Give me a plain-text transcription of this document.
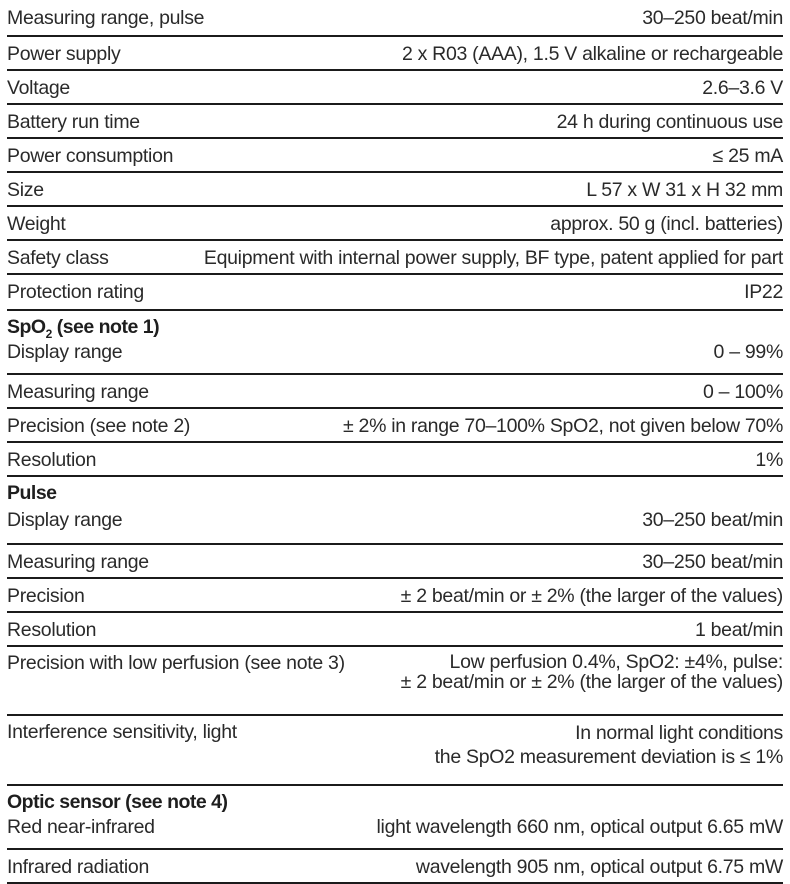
Measuring range, pulse	30–250 beat/min
Power supply	2 x R03 (AAA), 1.5 V alkaline or rechargeable
Voltage	2.6–3.6 V
Battery run time	24 h during continuous use
Power consumption	≤ 25 mA
Size	L 57 x W 31 x H 32 mm
Weight	approx. 50 g (incl. batteries)
Safety class	Equipment with internal power supply, BF type, patent applied for part
Protection rating	IP22
SpO$_2$ (see note 1)
Display range	0 – 99%
Measuring range	0 – 100%
Precision (see note 2)	± 2% in range 70–100% SpO2, not given below 70%
Resolution	1%
Pulse
Display range	30–250 beat/min
Measuring range	30–250 beat/min
Precision	± 2 beat/min or ± 2% (the larger of the values)
Resolution	1 beat/min
Precision with low perfusion (see note 3)	Low perfusion 0.4%, SpO2: ±4%, pulse:
± 2 beat/min or ± 2% (the larger of the values)
Interference sensitivity, light	In normal light conditions
the SpO2 measurement deviation is ≤ 1%
Optic sensor (see note 4)
Red near-infrared	light wavelength 660 nm, optical output 6.65 mW
Infrared radiation	wavelength 905 nm, optical output 6.75 mW
